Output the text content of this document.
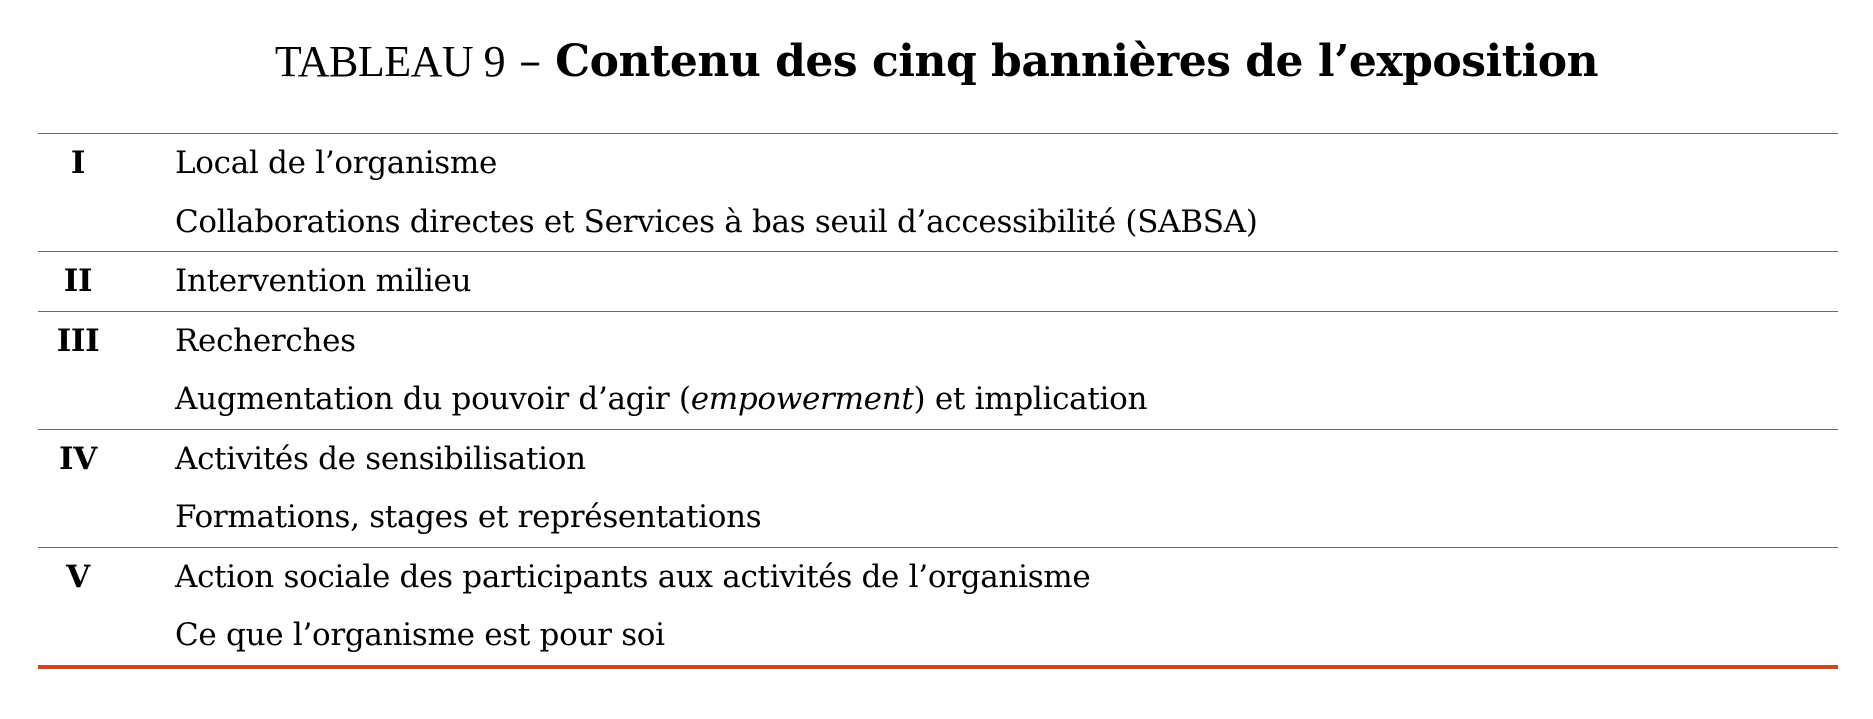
TABLEAU 9 – Contenu des cinq bannières de l’exposition
I	Local de l’organisme
Collaborations directes et Services à bas seuil d’accessibilité (SABSA)
II	Intervention milieu
III	Recherches
Augmentation du pouvoir d’agir (empowerment) et implication
IV	Activités de sensibilisation
Formations, stages et représentations
V	Action sociale des participants aux activités de l’organisme
Ce que l’organisme est pour soi
